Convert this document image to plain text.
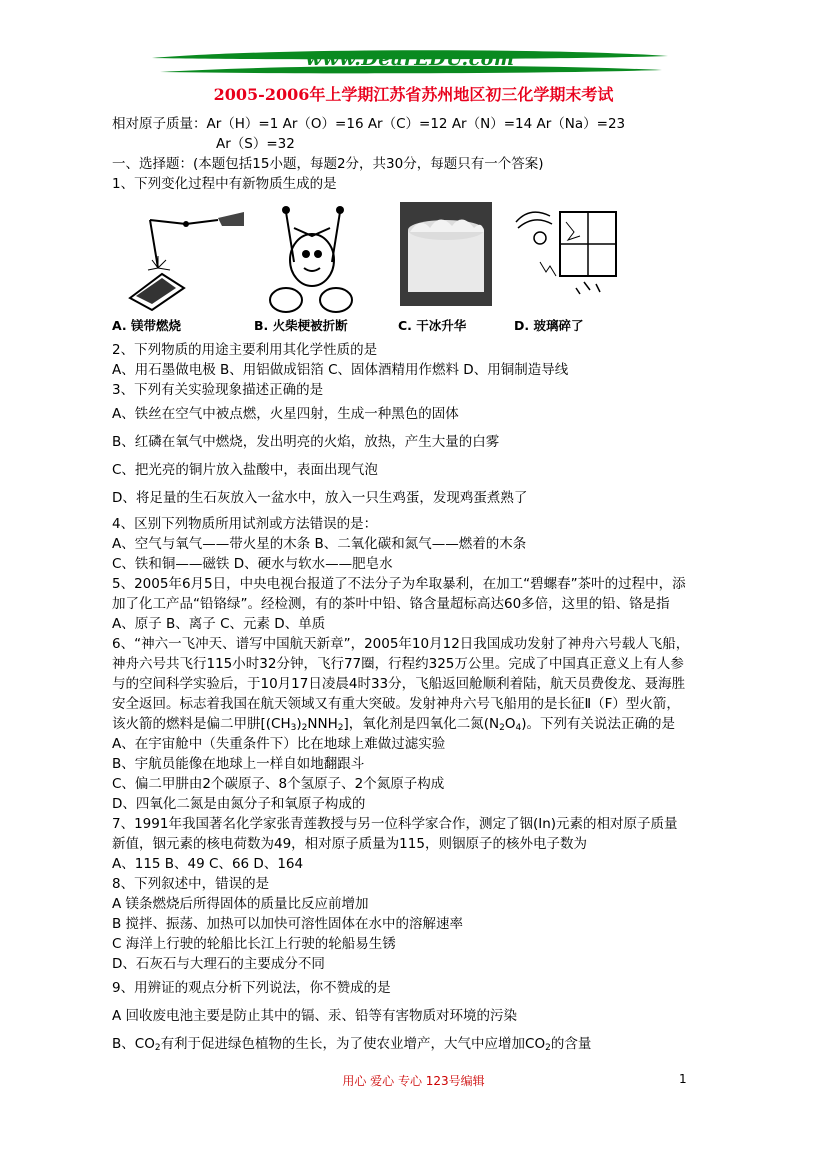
www.DearEDU.com
2005-2006年上学期江苏省苏州地区初三化学期末考试
相对原子质量：Ar（H）=1 Ar（O）=16 Ar（C）=12 Ar（N）=14 Ar（Na）=23
Ar（S）=32
一、选择题：(本题包括15小题，每题2分，共30分，每题只有一个答案)
1、下列变化过程中有新物质生成的是
A. 镁带燃烧	B. 火柴梗被折断	C. 干冰升华	D. 玻璃碎了
2、下列物质的用途主要利用其化学性质的是
A、用石墨做电极 B、用铝做成铝箔 C、固体酒精用作燃料 D、用铜制造导线
3、下列有关实验现象描述正确的是
A、铁丝在空气中被点燃，火星四射，生成一种黑色的固体
B、红磷在氧气中燃烧，发出明亮的火焰，放热，产生大量的白雾
C、把光亮的铜片放入盐酸中，表面出现气泡
D、将足量的生石灰放入一盆水中，放入一只生鸡蛋，发现鸡蛋煮熟了
4、区别下列物质所用试剂或方法错误的是：
A、空气与氧气——带火星的木条 B、二氧化碳和氮气——燃着的木条
C、铁和铜——磁铁 D、硬水与软水——肥皂水
5、2005年6月5日，中央电视台报道了不法分子为牟取暴利，在加工“碧螺春”茶叶的过程中，添
加了化工产品“铅铬绿”。经检测，有的茶叶中铅、铬含量超标高达60多倍，这里的铅、铬是指
A、原子 B、离子 C、元素 D、单质
6、“神六一飞冲天、谱写中国航天新章”，2005年10月12日我国成功发射了神舟六号载人飞船，
神舟六号共飞行115小时32分钟，飞行77圈，行程约325万公里。完成了中国真正意义上有人参
与的空间科学实验后，于10月17日凌晨4时33分，飞船返回舱顺利着陆，航天员费俊龙、聂海胜
安全返回。标志着我国在航天领域又有重大突破。发射神舟六号飞船用的是长征Ⅱ（F）型火箭，
该火箭的燃料是偏二甲肼$[(CH_3)_2NNH_2]$，氧化剂是四氧化二氮$(N_2O_4)$。下列有关说法正确的是
A、在宇宙舱中（失重条件下）比在地球上难做过滤实验
B、宇航员能像在地球上一样自如地翻跟斗
C、偏二甲肼由2个碳原子、8个氢原子、2个氮原子构成
D、四氧化二氮是由氮分子和氧原子构成的
7、1991年我国著名化学家张青莲教授与另一位科学家合作，测定了铟(In)元素的相对原子质量
新值，铟元素的核电荷数为49，相对原子质量为115，则铟原子的核外电子数为
A、115 B、49 C、66 D、164
8、下列叙述中，错误的是
A 镁条燃烧后所得固体的质量比反应前增加
B 搅拌、振荡、加热可以加快可溶性固体在水中的溶解速率
C 海洋上行驶的轮船比长江上行驶的轮船易生锈
D、石灰石与大理石的主要成分不同
9、用辨证的观点分析下列说法，你不赞成的是
A 回收废电池主要是防止其中的镉、汞、铅等有害物质对环境的污染
B、$CO_2$有利于促进绿色植物的生长，为了使农业增产，大气中应增加$CO_2$的含量
用心 爱心 专心 123号编辑	1
